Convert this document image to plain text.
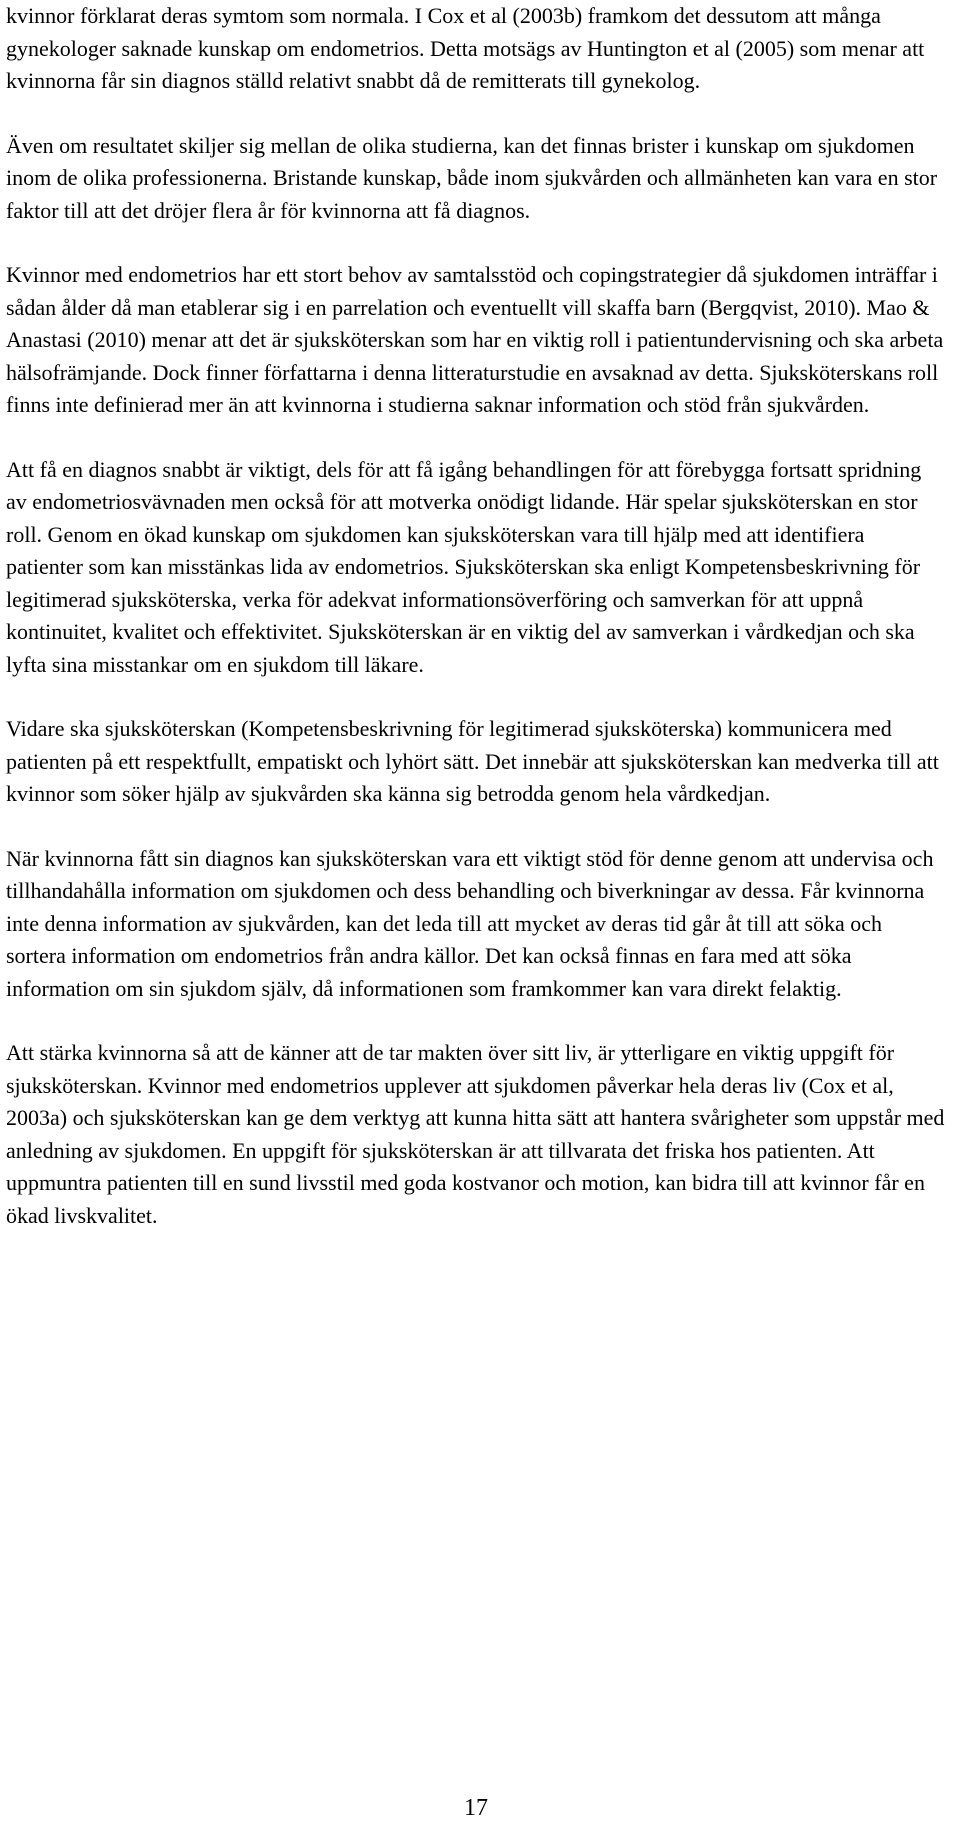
kvinnor förklarat deras symtom som normala. I Cox et al (2003b) framkom det dessutom att många gynekologer saknade kunskap om endometrios. Detta motsägs av Huntington et al (2005) som menar att kvinnorna får sin diagnos ställd relativt snabbt då de remitterats till gynekolog.

Även om resultatet skiljer sig mellan de olika studierna, kan det finnas brister i kunskap om sjukdomen inom de olika professionerna. Bristande kunskap, både inom sjukvården och allmänheten kan vara en stor faktor till att det dröjer flera år för kvinnorna att få diagnos.

Kvinnor med endometrios har ett stort behov av samtalsstöd och copingstrategier då sjukdomen inträffar i sådan ålder då man etablerar sig i en parrelation och eventuellt vill skaffa barn (Bergqvist, 2010). Mao & Anastasi (2010) menar att det är sjuksköterskan som har en viktig roll i patientundervisning och ska arbeta hälsofrämjande. Dock finner författarna i denna litteraturstudie en avsaknad av detta. Sjuksköterskans roll finns inte definierad mer än att kvinnorna i studierna saknar information och stöd från sjukvården.

Att få en diagnos snabbt är viktigt, dels för att få igång behandlingen för att förebygga fortsatt spridning av endometriosvävnaden men också för att motverka onödigt lidande. Här spelar sjuksköterskan en stor roll. Genom en ökad kunskap om sjukdomen kan sjuksköterskan vara till hjälp med att identifiera patienter som kan misstänkas lida av endometrios. Sjuksköterskan ska enligt Kompetensbeskrivning för legitimerad sjuksköterska, verka för adekvat informationsöverföring och samverkan för att uppnå kontinuitet, kvalitet och effektivitet. Sjuksköterskan är en viktig del av samverkan i vårdkedjan och ska lyfta sina misstankar om en sjukdom till läkare.

Vidare ska sjuksköterskan (Kompetensbeskrivning för legitimerad sjuksköterska) kommunicera med patienten på ett respektfullt, empatiskt och lyhört sätt. Det innebär att sjuksköterskan kan medverka till att kvinnor som söker hjälp av sjukvården ska känna sig betrodda genom hela vårdkedjan.

När kvinnorna fått sin diagnos kan sjuksköterskan vara ett viktigt stöd för denne genom att undervisa och tillhandahålla information om sjukdomen och dess behandling och biverkningar av dessa. Får kvinnorna inte denna information av sjukvården, kan det leda till att mycket av deras tid går åt till att söka och sortera information om endometrios från andra källor. Det kan också finnas en fara med att söka information om sin sjukdom själv, då informationen som framkommer kan vara direkt felaktig.

Att stärka kvinnorna så att de känner att de tar makten över sitt liv, är ytterligare en viktig uppgift för sjuksköterskan. Kvinnor med endometrios upplever att sjukdomen påverkar hela deras liv (Cox et al, 2003a) och sjuksköterskan kan ge dem verktyg att kunna hitta sätt att hantera svårigheter som uppstår med anledning av sjukdomen. En uppgift för sjuksköterskan är att tillvarata det friska hos patienten. Att uppmuntra patienten till en sund livsstil med goda kostvanor och motion, kan bidra till att kvinnor får en ökad livskvalitet.

17
